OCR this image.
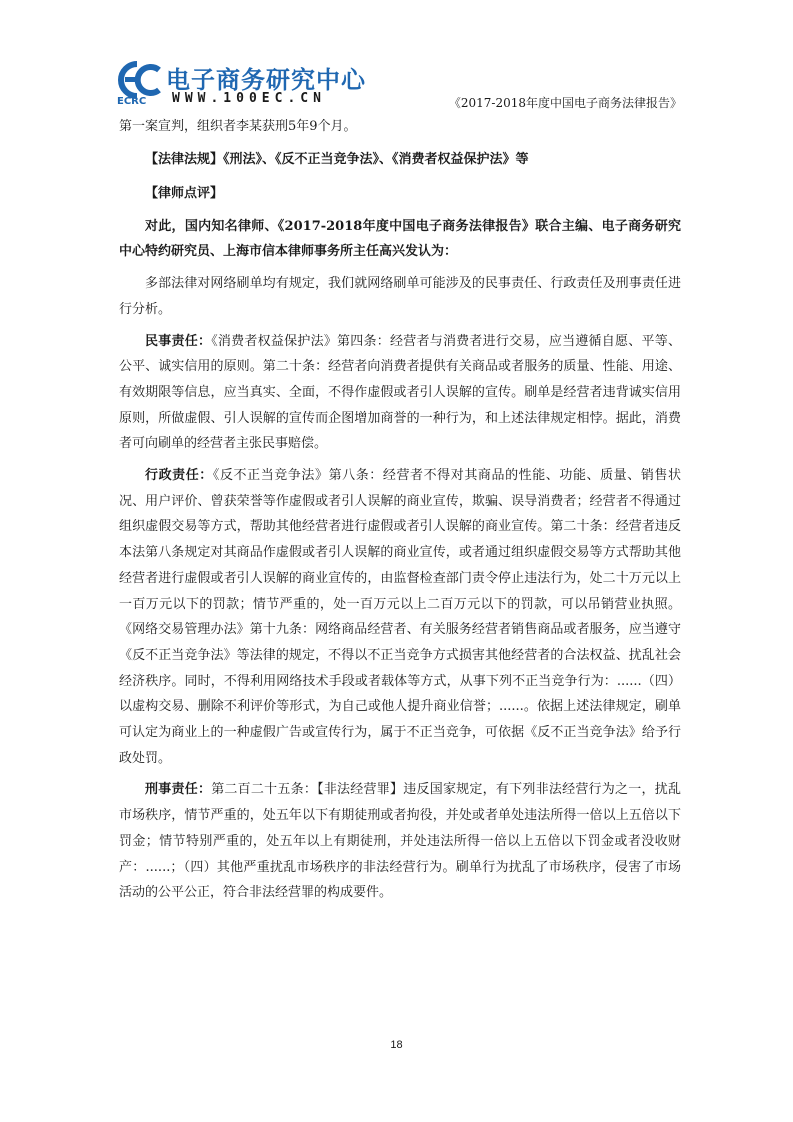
电子商务研究中心
ECRC WWW.100EC.CN	《2017-2018年度中国电子商务法律报告》

第一案宣判，组织者李某获刑5年9个月。

【法律法规】《刑法》、《反不正当竞争法》、《消费者权益保护法》等

【律师点评】

对此，国内知名律师、《2017-2018年度中国电子商务法律报告》联合主编、电子商务研究中心特约研究员、上海市信本律师事务所主任高兴发认为：

多部法律对网络刷单均有规定，我们就网络刷单可能涉及的民事责任、行政责任及刑事责任进行分析。

民事责任：《消费者权益保护法》第四条：经营者与消费者进行交易，应当遵循自愿、平等、公平、诚实信用的原则。第二十条：经营者向消费者提供有关商品或者服务的质量、性能、用途、有效期限等信息，应当真实、全面，不得作虚假或者引人误解的宣传。刷单是经营者违背诚实信用原则，所做虚假、引人误解的宣传而企图增加商誉的一种行为，和上述法律规定相悖。据此，消费者可向刷单的经营者主张民事赔偿。

行政责任：《反不正当竞争法》第八条：经营者不得对其商品的性能、功能、质量、销售状况、用户评价、曾获荣誉等作虚假或者引人误解的商业宣传，欺骗、误导消费者；经营者不得通过组织虚假交易等方式，帮助其他经营者进行虚假或者引人误解的商业宣传。第二十条：经营者违反本法第八条规定对其商品作虚假或者引人误解的商业宣传，或者通过组织虚假交易等方式帮助其他经营者进行虚假或者引人误解的商业宣传的，由监督检查部门责令停止违法行为，处二十万元以上一百万元以下的罚款；情节严重的，处一百万元以上二百万元以下的罚款，可以吊销营业执照。《网络交易管理办法》第十九条：网络商品经营者、有关服务经营者销售商品或者服务，应当遵守《反不正当竞争法》等法律的规定，不得以不正当竞争方式损害其他经营者的合法权益、扰乱社会经济秩序。同时，不得利用网络技术手段或者载体等方式，从事下列不正当竞争行为：......（四）以虚构交易、删除不利评价等形式，为自己或他人提升商业信誉；......。依据上述法律规定，刷单可认定为商业上的一种虚假广告或宣传行为，属于不正当竞争，可依据《反不正当竞争法》给予行政处罚。

刑事责任：第二百二十五条：【非法经营罪】违反国家规定，有下列非法经营行为之一，扰乱市场秩序，情节严重的，处五年以下有期徒刑或者拘役，并处或者单处违法所得一倍以上五倍以下罚金；情节特别严重的，处五年以上有期徒刑，并处违法所得一倍以上五倍以下罚金或者没收财产：......；（四）其他严重扰乱市场秩序的非法经营行为。刷单行为扰乱了市场秩序，侵害了市场活动的公平公正，符合非法经营罪的构成要件。

18
